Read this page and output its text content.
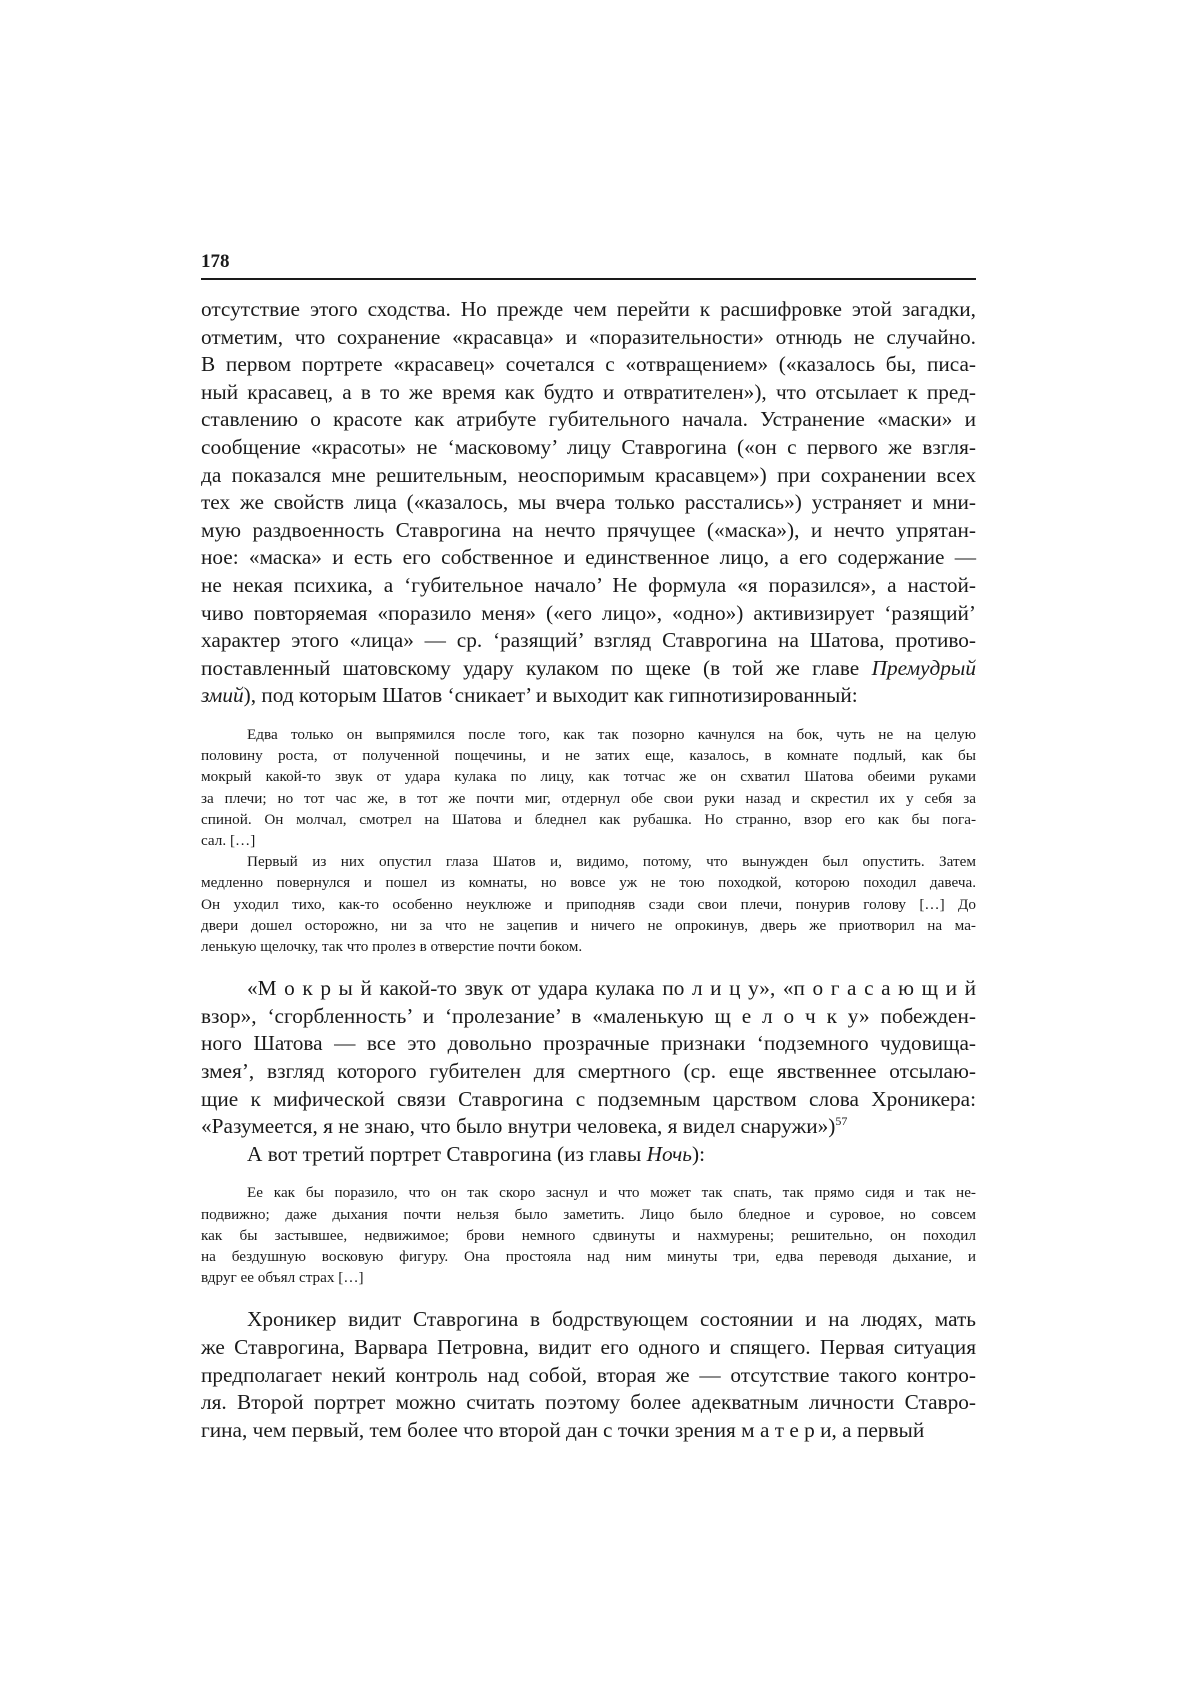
178

отсутствие этого сходства. Но прежде чем перейти к расшифровке этой загадки,
отметим, что сохранение «красавца» и «поразительности» отнюдь не случайно.
В первом портрете «красавец» сочетался с «отвращением» («казалось бы, писа-
ный красавец, а в то же время как будто и отвратителен»), что отсылает к пред-
ставлению о красоте как атрибуте губительного начала. Устранение «маски» и
сообщение «красоты» не ‘масковому’ лицу Ставрогина («он с первого же взгля-
да показался мне решительным, неоспоримым красавцем») при сохранении всех
тех же свойств лица («казалось, мы вчера только расстались») устраняет и мни-
мую раздвоенность Ставрогина на нечто прячущее («маска»), и нечто упрятан-
ное: «маска» и есть его собственное и единственное лицо, а его содержание —
не некая психика, а ‘губительное начало’ Не формула «я поразился», а настой-
чиво повторяемая «поразило меня» («его лицо», «одно») активизирует ‘разящий’
характер этого «лица» — ср. ‘разящий’ взгляд Ставрогина на Шатова, противо-
поставленный шатовскому удару кулаком по щеке (в той же главе Премудрый
змий), под которым Шатов ‘сникает’ и выходит как гипнотизированный:
Едва только он выпрямился после того, как так позорно качнулся на бок, чуть не на целую
половину роста, от полученной пощечины, и не затих еще, казалось, в комнате подлый, как бы
мокрый какой-то звук от удара кулака по лицу, как тотчас же он схватил Шатова обеими руками
за плечи; но тот час же, в тот же почти миг, отдернул обе свои руки назад и скрестил их у себя за
спиной. Он молчал, смотрел на Шатова и бледнел как рубашка. Но странно, взор его как бы пога-
сал. […]
Первый из них опустил глаза Шатов и, видимо, потому, что вынужден был опустить. Затем
медленно повернулся и пошел из комнаты, но вовсе уж не тою походкой, которою походил давеча.
Он уходил тихо, как-то особенно неуклюже и приподняв сзади свои плечи, понурив голову […] До
двери дошел осторожно, ни за что не зацепив и ничего не опрокинув, дверь же приотворил на ма-
ленькую щелочку, так что пролез в отверстие почти боком.
«М о к р ы й какой-то звук от удара кулака по л и ц у», «п о г а с а ю щ и й
взор», ‘сгорбленность’ и ‘пролезание’ в «маленькую щ е л о ч к у» побежден-
ного Шатова — все это довольно прозрачные признаки ‘подземного чудовища-
змея’, взгляд которого губителен для смертного (ср. еще явственнее отсылаю-
щие к мифической связи Ставрогина с подземным царством слова Хроникера:
«Разумеется, я не знаю, что было внутри человека, я видел снаружи»)$^{57}$
А вот третий портрет Ставрогина (из главы Ночь):
Ее как бы поразило, что он так скоро заснул и что может так спать, так прямо сидя и так не-
подвижно; даже дыхания почти нельзя было заметить. Лицо было бледное и суровое, но совсем
как бы застывшее, недвижимое; брови немного сдвинуты и нахмурены; решительно, он походил
на бездушную восковую фигуру. Она простояла над ним минуты три, едва переводя дыхание, и
вдруг ее объял страх […]
Хроникер видит Ставрогина в бодрствующем состоянии и на людях, мать
же Ставрогина, Варвара Петровна, видит его одного и спящего. Первая ситуация
предполагает некий контроль над собой, вторая же — отсутствие такого контро-
ля. Второй портрет можно считать поэтому более адекватным личности Ставро-
гина, чем первый, тем более что второй дан с точки зрения м а т е р и, а первый
